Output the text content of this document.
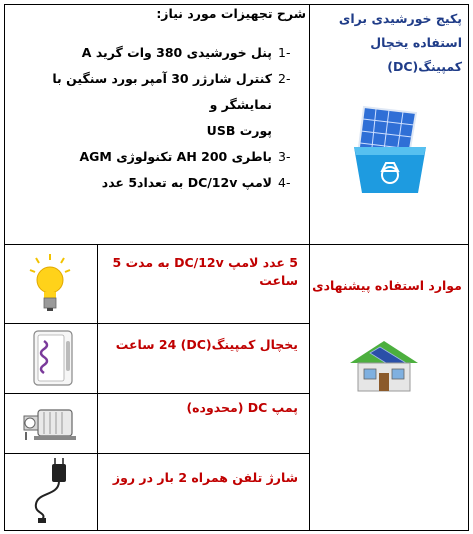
پکیج خورشیدی برای
استفاده یخچال
کمپینگ(DC)
شرح تجهیزات مورد نیاز:
-1
پنل خورشیدی 380 وات گرید A
-2
کنترل شارژر 30 آمپر بورد سنگین با نمایشگر و
پورت USB
-3
باطری 200 AH تکنولوژی AGM
-4
لامپ DC/12v به تعداد5 عدد
موارد استفاده پیشنهادی
5 عدد لامپ DC/12v به مدت 5 ساعت
یخچال کمپینگ(DC) 24 ساعت
پمپ DC (محدوده)
شارژ تلفن همراه 2 بار در روز
